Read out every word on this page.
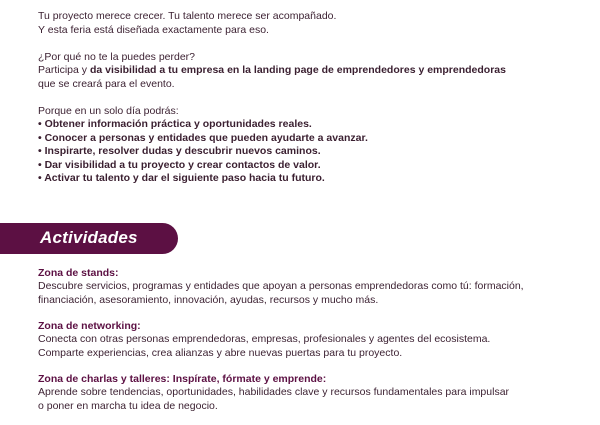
Tu proyecto merece crecer. Tu talento merece ser acompañado.

Y esta feria está diseñada exactamente para eso.

¿Por qué no te la puedes perder?

Participa y da visibilidad a tu empresa en la landing page de emprendedores y emprendedoras

que se creará para el evento.

Porque en un solo día podrás:

• Obtener información práctica y oportunidades reales.
• Conocer a personas y entidades que pueden ayudarte a avanzar.
• Inspirarte, resolver dudas y descubrir nuevos caminos.
• Dar visibilidad a tu proyecto y crear contactos de valor.
• Activar tu talento y dar el siguiente paso hacia tu futuro.
Actividades
Zona de stands:
Descubre servicios, programas y entidades que apoyan a personas emprendedoras como tú: formación,
financiación, asesoramiento, innovación, ayudas, recursos y mucho más.
Zona de networking:
Conecta con otras personas emprendedoras, empresas, profesionales y agentes del ecosistema.
Comparte experiencias, crea alianzas y abre nuevas puertas para tu proyecto.
Zona de charlas y talleres: Inspírate, fórmate y emprende:
Aprende sobre tendencias, oportunidades, habilidades clave y recursos fundamentales para impulsar
o poner en marcha tu idea de negocio.
